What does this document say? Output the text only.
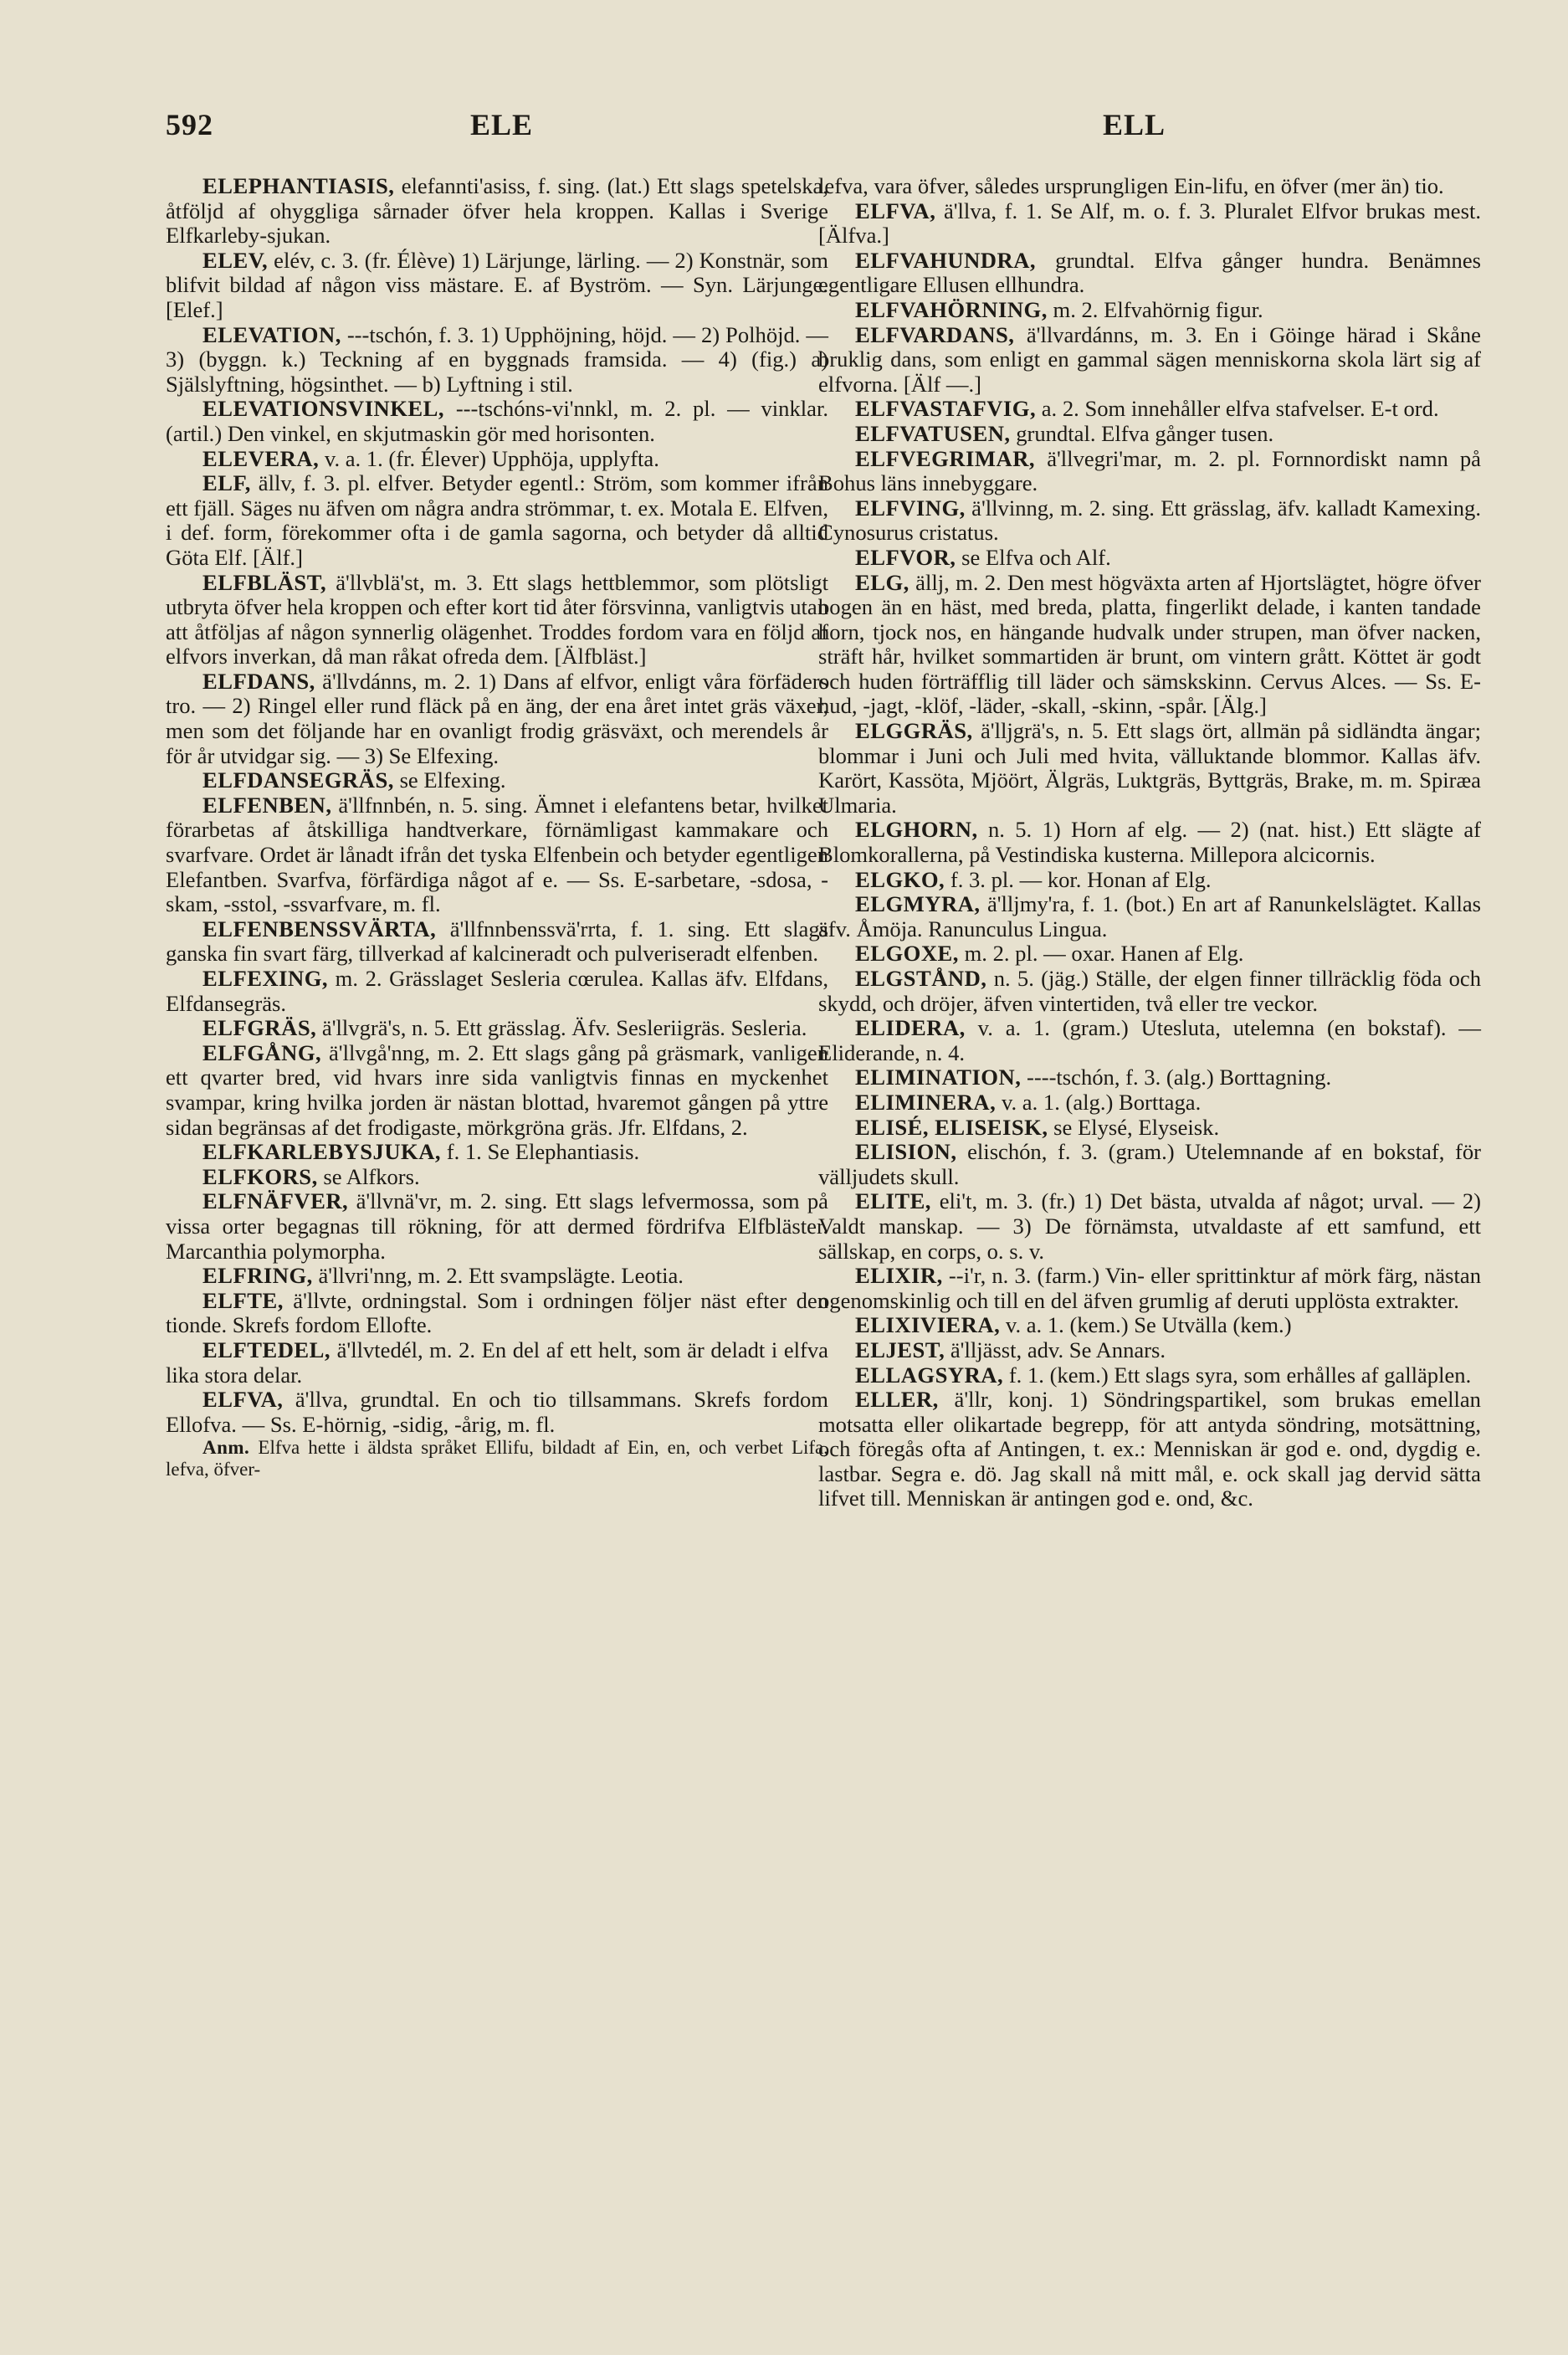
592	ELE	ELL

ELEPHANTIASIS, elefannti'asiss, f. sing. (lat.) Ett slags spetelska, åtföljd af ohyggliga sårnader öfver hela kroppen. Kallas i Sverige Elfkarleby-sjukan.

ELEV, elév, c. 3. (fr. Élève) 1) Lärjunge, lärling. — 2) Konstnär, som blifvit bildad af någon viss mästare. E. af Byström. — Syn. Lärjunge. [Elef.]

ELEVATION, ---tschón, f. 3. 1) Upphöjning, höjd. — 2) Polhöjd. — 3) (byggn. k.) Teckning af en byggnads framsida. — 4) (fig.) a) Själslyftning, högsinthet. — b) Lyftning i stil.

ELEVATIONSVINKEL, ---tschóns-vi'nnkl, m. 2. pl. — vinklar. (artil.) Den vinkel, en skjutmaskin gör med horisonten.

ELEVERA, v. a. 1. (fr. Élever) Upphöja, upplyfta.

ELF, ällv, f. 3. pl. elfver. Betyder egentl.: Ström, som kommer ifrån ett fjäll. Säges nu äfven om några andra strömmar, t. ex. Motala E. Elfven, i def. form, förekommer ofta i de gamla sagorna, och betyder då alltid Göta Elf. [Älf.]

ELFBLÄST, ä'llvblä'st, m. 3. Ett slags hettblemmor, som plötsligt utbryta öfver hela kroppen och efter kort tid åter försvinna, vanligtvis utan att åtföljas af någon synnerlig olägenhet. Troddes fordom vara en följd af elfvors inverkan, då man råkat ofreda dem. [Älfbläst.]

ELFDANS, ä'llvdánns, m. 2. 1) Dans af elfvor, enligt våra förfäders tro. — 2) Ringel eller rund fläck på en äng, der ena året intet gräs växer, men som det följande har en ovanligt frodig gräsväxt, och merendels år för år utvidgar sig. — 3) Se Elfexing.

ELFDANSEGRÄS, se Elfexing.

ELFENBEN, ä'llfnnbén, n. 5. sing. Ämnet i elefantens betar, hvilket förarbetas af åtskilliga handtverkare, förnämligast kammakare och svarfvare. Ordet är lånadt ifrån det tyska Elfenbein och betyder egentligen Elefantben. Svarfva, förfärdiga något af e. — Ss. E-sarbetare, -sdosa, -skam, -sstol, -ssvarfvare, m. fl.

ELFENBENSSVÄRTA, ä'llfnnbenssvä'rrta, f. 1. sing. Ett slags ganska fin svart färg, tillverkad af kalcineradt och pulveriseradt elfenben.

ELFEXING, m. 2. Grässlaget Sesleria cœrulea. Kallas äfv. Elfdans, Elfdansegräs.

ELFGRÄS, ä'llvgrä's, n. 5. Ett grässlag. Äfv. Sesleriigräs. Sesleria.

ELFGÅNG, ä'llvgå'nng, m. 2. Ett slags gång på gräsmark, vanligen ett qvarter bred, vid hvars inre sida vanligtvis finnas en myckenhet svampar, kring hvilka jorden är nästan blottad, hvaremot gången på yttre sidan begränsas af det frodigaste, mörkgröna gräs. Jfr. Elfdans, 2.

ELFKARLEBYSJUKA, f. 1. Se Elephantiasis.

ELFKORS, se Alfkors.

ELFNÄFVER, ä'llvnä'vr, m. 2. sing. Ett slags lefvermossa, som på vissa orter begagnas till rökning, för att dermed fördrifva Elfbläster. Marcanthia polymorpha.

ELFRING, ä'llvri'nng, m. 2. Ett svampslägte. Leotia.

ELFTE, ä'llvte, ordningstal. Som i ordningen följer näst efter den tionde. Skrefs fordom Ellofte.

ELFTEDEL, ä'llvtedél, m. 2. En del af ett helt, som är deladt i elfva lika stora delar.

ELFVA, ä'llva, grundtal. En och tio tillsammans. Skrefs fordom Ellofva. — Ss. E-hörnig, -sidig, -årig, m. fl.

Anm. Elfva hette i äldsta språket Ellifu, bildadt af Ein, en, och verbet Lifa, lefva, öfver-

lefva, vara öfver, således ursprungligen Ein-lifu, en öfver (mer än) tio.

ELFVA, ä'llva, f. 1. Se Alf, m. o. f. 3. Pluralet Elfvor brukas mest. [Älfva.]

ELFVAHUNDRA, grundtal. Elfva gånger hundra. Benämnes egentligare Ellusen ellhundra.

ELFVAHÖRNING, m. 2. Elfvahörnig figur.

ELFVARDANS, ä'llvardánns, m. 3. En i Göinge härad i Skåne bruklig dans, som enligt en gammal sägen menniskorna skola lärt sig af elfvorna. [Älf —.]

ELFVASTAFVIG, a. 2. Som innehåller elfva stafvelser. E-t ord.

ELFVATUSEN, grundtal. Elfva gånger tusen.

ELFVEGRIMAR, ä'llvegri'mar, m. 2. pl. Fornnordiskt namn på Bohus läns innebyggare.

ELFVING, ä'llvinng, m. 2. sing. Ett grässlag, äfv. kalladt Kamexing. Cynosurus cristatus.

ELFVOR, se Elfva och Alf.

ELG, ällj, m. 2. Den mest högväxta arten af Hjortslägtet, högre öfver bogen än en häst, med breda, platta, fingerlikt delade, i kanten tandade horn, tjock nos, en hängande hudvalk under strupen, man öfver nacken, sträft hår, hvilket sommartiden är brunt, om vintern grått. Köttet är godt och huden förträfflig till läder och sämskskinn. Cervus Alces. — Ss. E-hud, -jagt, -klöf, -läder, -skall, -skinn, -spår. [Älg.]

ELGGRÄS, ä'lljgrä's, n. 5. Ett slags ört, allmän på sidländta ängar; blommar i Juni och Juli med hvita, välluktande blommor. Kallas äfv. Karört, Kassöta, Mjöört, Älgräs, Luktgräs, Byttgräs, Brake, m. m. Spiræa Ulmaria.

ELGHORN, n. 5. 1) Horn af elg. — 2) (nat. hist.) Ett slägte af Blomkorallerna, på Vestindiska kusterna. Millepora alcicornis.

ELGKO, f. 3. pl. — kor. Honan af Elg.

ELGMYRA, ä'lljmy'ra, f. 1. (bot.) En art af Ranunkelslägtet. Kallas äfv. Åmöja. Ranunculus Lingua.

ELGOXE, m. 2. pl. — oxar. Hanen af Elg.

ELGSTÅND, n. 5. (jäg.) Ställe, der elgen finner tillräcklig föda och skydd, och dröjer, äfven vintertiden, två eller tre veckor.

ELIDERA, v. a. 1. (gram.) Utesluta, utelemna (en bokstaf). — Eliderande, n. 4.

ELIMINATION, ----tschón, f. 3. (alg.) Borttagning.

ELIMINERA, v. a. 1. (alg.) Borttaga.

ELISÉ, ELISEISK, se Elysé, Elyseisk.

ELISION, elischón, f. 3. (gram.) Utelemnande af en bokstaf, för välljudets skull.

ELITE, eli't, m. 3. (fr.) 1) Det bästa, utvalda af något; urval. — 2) Valdt manskap. — 3) De förnämsta, utvaldaste af ett samfund, ett sällskap, en corps, o. s. v.

ELIXIR, --i'r, n. 3. (farm.) Vin- eller sprittinktur af mörk färg, nästan ogenomskinlig och till en del äfven grumlig af deruti upplösta extrakter.

ELIXIVIERA, v. a. 1. (kem.) Se Utvälla (kem.)

ELJEST, ä'lljässt, adv. Se Annars.

ELLAGSYRA, f. 1. (kem.) Ett slags syra, som erhålles af galläplen.

ELLER, ä'llr, konj. 1) Söndringspartikel, som brukas emellan motsatta eller olikartade begrepp, för att antyda söndring, motsättning, och föregås ofta af Antingen, t. ex.: Menniskan är god e. ond, dygdig e. lastbar. Segra e. dö. Jag skall nå mitt mål, e. ock skall jag dervid sätta lifvet till. Menniskan är antingen god e. ond, &c.
